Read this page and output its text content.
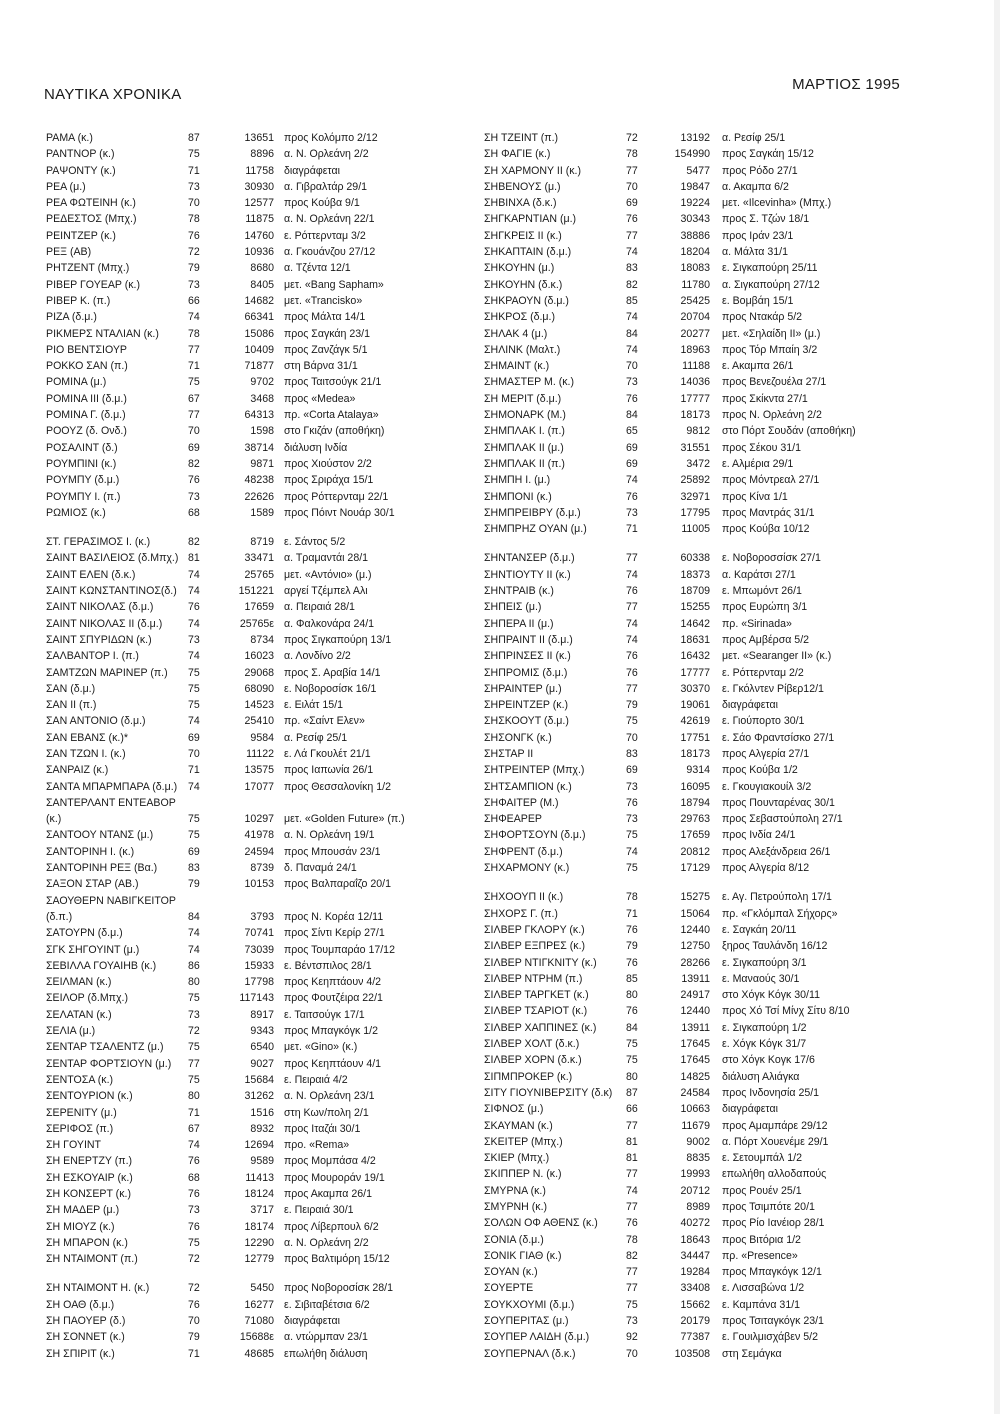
ΝΑΥΤΙΚΑ ΧΡΟΝΙΚΑ
ΜΑΡΤΙΟΣ 1995
ΡΑΜΑ (κ.)	87	13651 προς Κολόμπο 2/12
ΡΑΝΤΝΟΡ (κ.)	75	8896 α. Ν. Ορλεάνη 2/2
ΡΑΨΟΝΤΥ (κ.)	71	11758 διαγράφεται
ΡΕΑ (μ.)	73	30930 α. Γιβραλτάρ 29/1
ΡΕΑ ΦΩΤΕΙΝΗ (κ.)	70	12577 προς Κούβα 9/1
ΡΕΔΕΣΤΟΣ (Μπχ.)	78	11875 α. Ν. Ορλεάνη 22/1
ΡΕΙΝΤΖΕΡ (κ.)	76	14760 ε. Ρόττερνταμ 3/2
ΡΕΞ (ΑΒ)	72	10936 α. Γκουάνζου 27/12
ΡΗΤΖΕΝΤ (Μπχ.)	79	8680 α. Τζέντα 12/1
ΡΙΒΕΡ ΓΟΥΕΑΡ (κ.)	73	8405 μετ. «Bang Sapham»
ΡΙΒΕΡ Κ. (π.)	66	14682 μετ. «Trancisko»
ΡΙΖΑ (δ.μ.)	74	66341 προς Μάλτα 14/1
ΡΙΚΜΕΡΣ ΝΤΑΛΙΑΝ (κ.)	78	15086 προς Σαγκάη 23/1
ΡΙΟ ΒΕΝΤΣΙΟΥΡ	77	10409 προς Ζανζάγκ 5/1
ΡΟΚΚΟ ΣΑΝ (π.)	71	71877 στη Βάρνα 31/1
ΡΟΜΙΝΑ (μ.)	75	9702 προς Ταιτσούγκ 21/1
ΡΟΜΙΝΑ ΙΙΙ (δ.μ.)	67	3468 προς «Medea»
ΡΟΜΙΝΑ Γ. (δ.μ.)	77	64313 πρ. «Corta Atalaya»
ΡΟΟΥΖ (δ. Ονδ.)	70	1598 στο Γκιζάν (αποθήκη)
ΡΟΣΑΛΙΝΤ (δ.)	69	38714 διάλυση Ινδία
ΡΟΥΜΠΙΝΙ (κ.)	82	9871 προς Χιούστον 2/2
ΡΟΥΜΠΥ (δ.μ.)	76	48238 προς Σριράχα 15/1
ΡΟΥΜΠΥ Ι. (π.)	73	22626 προς Ρόττερνταμ 22/1
ΡΩΜΙΟΣ (κ.)	68	1589 προς Πόιντ Νουάρ 30/1
ΣΤ. ΓΕΡΑΣΙΜΟΣ Ι. (κ.)	82	8719 ε. Σάντος 5/2
ΣΑΙΝΤ ΒΑΣΙΛΕΙΟΣ (δ.Μπχ.) 81	33471 α. Τραμαντάι 28/1
ΣΑΙΝΤ ΕΛΕΝ (δ.κ.)	74	25765 μετ. «Αντόνιο» (μ.)
ΣΑΙΝΤ ΚΩΝΣΤΑΝΤΙΝΟΣ(δ.)	74	151221 αργεί Τζέμπελ Αλι
ΣΑΙΝΤ ΝΙΚΟΛΑΣ (δ.μ.)	76	17659 α. Πειραιά 28/1
ΣΑΙΝΤ ΝΙΚΟΛΑΣ ΙΙ (δ.μ.)	74	25765ε α. Φαλκονάρα 24/1
ΣΑΙΝΤ ΣΠΥΡΙΔΩΝ (κ.)	73	8734 προς Σιγκαπούρη 13/1
ΣΑΛΒΑΝΤΟΡ Ι. (π.)	74	16023 α. Λονδίνο 2/2
ΣΑΜΤΖΩΝ ΜΑΡΙΝΕΡ (π.)	75	29068 προς Σ. Αραβία 14/1
ΣΑΝ (δ.μ.)	75	68090 ε. Νοβοροσίσκ 16/1
ΣΑΝ ΙΙ (π.)	75	14523 ε. Ειλάτ 15/1
ΣΑΝ ΑΝΤΟΝΙΟ (δ.μ.)	74	25410 πρ. «Σαίντ Ελεν»
ΣΑΝ ΕΒΑΝΣ (κ.)*	69	9584 α. Ρεσίφ 25/1
ΣΑΝ ΤΖΩΝ Ι. (κ.)	70	11122 ε. Λά Γκουλέτ 21/1
ΣΑΝΡΑΙΖ (κ.)	71	13575 προς Ιαπωνία 26/1
ΣΑΝΤΑ ΜΠΑΡΜΠΑΡΑ (δ.μ.)	74	17077 προς Θεσσαλονίκη 1/2
ΣΑΝΤΕΡΛΑΝΤ ΕΝΤΕΑΒΟΡ
(κ.)	75	10297 μετ. «Golden Future» (π.)
ΣΑΝΤΟΟΥ ΝΤΑΝΣ (μ.)	75	41978 α. Ν. Ορλεάνη 19/1
ΣΑΝΤΟΡΙΝΗ Ι. (κ.)	69	24594 προς Μπουσάν 23/1
ΣΑΝΤΟΡΙΝΗ ΡΕΞ (Βα.)	83	8739 δ. Παναμά 24/1
ΣΑΞΟΝ ΣΤΑΡ (ΑΒ.)	79	10153 προς Βαλπαραΐζο 20/1
ΣΑΟΥΘΕΡΝ ΝΑΒΙΓΚΕΙΤΟΡ
(δ.π.)	84	3793 προς Ν. Κορέα 12/11
ΣΑΤΟΥΡΝ (δ.μ.)	74	70741 προς Σίντι Κερίρ 27/1
ΣΓΚ ΣΗΓΟΥΙΝΤ (μ.)	74	73039 προς Τουμπαράο 17/12
ΣΕΒΙΛΛΑ ΓΟΥΑΙΗΒ (κ.)	86	15933 ε. Βέντσπιλος 28/1
ΣΕΙΛΜΑΝ (κ.)	80	17798 προς Κεηπτάουν 4/2
ΣΕΙΛΟΡ (δ.Μπχ.)	75	117143 προς Φουτζέιρα 22/1
ΣΕΛΑΤΑΝ (κ.)	73	8917 ε. Ταιτσούγκ 17/1
ΣΕΛΙΑ (μ.)	72	9343 προς Μπαγκόγκ 1/2
ΣΕΝΤΑΡ ΤΣΑΛΕΝΤΖ (μ.)	75	6540 μετ. «Gino» (κ.)
ΣΕΝΤΑΡ ΦΟΡΤΣΙΟΥΝ (μ.)	77	9027 προς Κεηπτάουν 4/1
ΣΕΝΤΟΣΑ (κ.)	75	15684 ε. Πειραιά 4/2
ΣΕΝΤΟΥΡΙΟΝ (κ.)	80	31262 α. Ν. Ορλεάνη 23/1
ΣΕΡΕΝΙΤΥ (μ.)	71	1516 στη Κων/πολη 2/1
ΣΕΡΙΦΟΣ (π.)	67	8932 προς Ιταζάι 30/1
ΣΗ ΓΟΥΙΝΤ	74	12694 προ. «Rema»
ΣΗ ΕΝΕΡΤΖΥ (π.)	76	9589 προς Μομπάσα 4/2
ΣΗ ΕΣΚΟΥΑΙΡ (κ.)	68	11413 προς Μουροράν 19/1
ΣΗ ΚΟΝΣΕΡΤ (κ.)	76	18124 προς Ακαμπα 26/1
ΣΗ ΜΑΔΕΡ (μ.)	73	3717 ε. Πειραιά 30/1
ΣΗ ΜΙΟΥΖ (κ.)	76	18174 προς Λίβερπουλ 6/2
ΣΗ ΜΠΑΡΟΝ (κ.)	75	12290 α. Ν. Ορλεάνη 2/2
ΣΗ ΝΤΑΙΜΟΝΤ (π.)	72	12779 προς Βαλτιμόρη 15/12
ΣΗ ΝΤΑΙΜΟΝΤ Η. (κ.)	72	5450 προς Νοβοροσίσκ 28/1
ΣΗ ΟΑΘ (δ.μ.)	76	16277 ε. Σιβιταβέτσια 6/2
ΣΗ ΠΑΟΥΕΡ (δ.)	70	71080 διαγράφεται
ΣΗ ΣΟΝΝΕΤ (κ.)	79	15688ε α. ντώρμπαν 23/1
ΣΗ ΣΠΙΡΙΤ (κ.)	71	48685 επωλήθη διάλυση
ΣΗ ΤΖΕΙΝΤ (π.)	72	13192 α. Ρεσίφ 25/1
ΣΗ ΦΑΓΙΕ (κ.)	78	154990 προς Σαγκάη 15/12
ΣΗ ΧΑΡΜΟΝΥ ΙΙ (κ.)	77	5477 προς Ρόδο 27/1
ΣΗΒΕΝΟΥΣ (μ.)	70	19847 α. Ακαμπα 6/2
ΣΗΒΙΝΧΑ (δ.κ.)	69	19224 μετ. «Ilcevinha» (Μπχ.)
ΣΗΓΚΑΡΝΤΙΑΝ (μ.)	76	30343 προς Σ. Τζών 18/1
ΣΗΓΚΡΕΙΣ ΙΙ (κ.)	77	38886 προς Ιράν 23/1
ΣΗΚΑΠΤΑΙΝ (δ.μ.)	74	18204 α. Μάλτα 31/1
ΣΗΚΟΥΗΝ (μ.)	83	18083 ε. Σιγκαπούρη 25/11
ΣΗΚΟΥΗΝ (δ.κ.)	82	11780 α. Σιγκαπούρη 27/12
ΣΗΚΡΑΟΥΝ (δ.μ.)	85	25425 ε. Βομβάη 15/1
ΣΗΚΡΟΣ (δ.μ.)	74	20704 προς Ντακάρ 5/2
ΣΗΛΑΚ 4 (μ.)	84	20277 μετ. «Σηλαίδη ΙΙ» (μ.)
ΣΗΛΙΝΚ (Μαλτ.)	74	18963 προς Τόρ Μπαίη 3/2
ΣΗΜΑΙΝΤ (κ.)	70	11188 ε. Ακαμπα 26/1
ΣΗΜΑΣΤΕΡ Μ. (κ.)	73	14036 προς Βενεζουέλα 27/1
ΣΗ ΜΕΡΙΤ (δ.μ.)	76	17777 προς Σκίκντα 27/1
ΣΗΜΟΝΑΡΚ (Μ.)	84	18173 προς Ν. Ορλεάνη 2/2
ΣΗΜΠΛΑΚ Ι. (π.)	65	9812 στο Πόρτ Σουδάν (αποθήκη)
ΣΗΜΠΛΑΚ ΙΙ (μ.)	69	31551 προς Σέκου 31/1
ΣΗΜΠΛΑΚ ΙΙ (π.)	69	3472 ε. Αλμέρια 29/1
ΣΗΜΠΗ Ι. (μ.)	74	25892 προς Μόντρεαλ 27/1
ΣΗΜΠΟΝΙ (κ.)	76	32971 προς Κίνα 1/1
ΣΗΜΠΡΕΙΒΡΥ (δ.μ.)	73	17795 προς Μαντράς 31/1
ΣΗΜΠΡΗΖ ΟΥΑΝ (μ.)	71	11005 προς Κούβα 10/12
ΣΗΝΤΑΝΣΕΡ (δ.μ.)	77	60338 ε. Νοβοροσσίσκ 27/1
ΣΗΝΤΙΟΥΤΥ ΙΙ (κ.)	74	18373 α. Καράτσι 27/1
ΣΗΝΤΡΑΙΒ (κ.)	76	18709 ε. Μπωμόντ 26/1
ΣΗΠΕΙΣ (μ.)	77	15255 προς Ευρώπη 3/1
ΣΗΠΕΡΑ ΙΙ (μ.)	74	14642 πρ. «Sirinada»
ΣΗΠΡΑΙΝΤ ΙΙ (δ.μ.)	74	18631 προς Αμβέρσα 5/2
ΣΗΠΡΙΝΣΕΣ ΙΙ (κ.)	76	16432 μετ. «Searanger II» (κ.)
ΣΗΠΡΟΜΙΣ (δ.μ.)	76	17777 ε. Ρόττερνταμ 2/2
ΣΗΡΑΙΝΤΕΡ (μ.)	77	30370 ε. Γκόλντεν Ρίβερ12/1
ΣΗΡΕΙΝΤΖΕΡ (κ.)	79	19061 διαγράφεται
ΣΗΣΚΟΟΥΤ (δ.μ.)	75	42619 ε. Γιούπορτο 30/1
ΣΗΣΟΝΓΚ (κ.)	70	17751 ε. Σάο Φραντσίσκο 27/1
ΣΗΣΤΑΡ ΙΙ	83	18173 προς Αλγερία 27/1
ΣΗΤΡΕΙΝΤΕΡ (Μπχ.)	69	9314 προς Κούβα 1/2
ΣΗΤΣΑΜΠΙΟΝ (κ.)	73	16095 ε. Γκουγιακουίλ 3/2
ΣΗΦΑΙΤΕΡ (Μ.)	76	18794 προς Πουνταρένας 30/1
ΣΗΦΕΑΡΕΡ	73	29763 προς Σεβαστούπολη 27/1
ΣΗΦΟΡΤΣΟΥΝ (δ.μ.)	75	17659 προς Ινδία 24/1
ΣΗΦΡΕΝΤ (δ.μ.)	74	20812 προς Αλεξάνδρεια 26/1
ΣΗΧΑΡΜΟΝΥ (κ.)	75	17129 προς Αλγερία 8/12
ΣΗΧΟΟΥΠ ΙΙ (κ.)	78	15275 ε. Αγ. Πετρούπολη 17/1
ΣΗΧΟΡΣ Γ. (π.)	71	15064 πρ. «Γκλόμπαλ Σήχορς»
ΣΙΛΒΕΡ ΓΚΛΟΡΥ (κ.)	76	12440 ε. Σαγκάη 20/11
ΣΙΛΒΕΡ ΕΞΠΡΕΣ (κ.)	79	12750 ξηρος Ταυλάνδη 16/12
ΣΙΛΒΕΡ ΝΤΙΓΚΝΙΤΥ (κ.)	76	28266 ε. Σιγκαπούρη 3/1
ΣΙΛΒΕΡ ΝΤΡΗΜ (π.)	85	13911 ε. Μαναούς 30/1
ΣΙΛΒΕΡ ΤΑΡΓΚΕΤ (κ.)	80	24917 στο Χόγκ Κόγκ 30/11
ΣΙΛΒΕΡ ΤΣΑΡΙΟΤ (κ.)	76	12440 προς Χό Τσί Μίνχ Σίτυ 8/10
ΣΙΛΒΕΡ ΧΑΠΠΙΝΕΣ (κ.)	84	13911 ε. Σιγκαπούρη 1/2
ΣΙΛΒΕΡ ΧΟΛΤ (δ.κ.)	75	17645 ε. Χόγκ Κόγκ 31/7
ΣΙΛΒΕΡ ΧΟΡΝ (δ.κ.)	75	17645 στο Χόγκ Κογκ 17/6
ΣΙΠΜΠΡΟΚΕΡ (κ.)	80	14825 διάλυση Αλιάγκα
ΣΙΤΥ ΓΙΟΥΝΙΒΕΡΣΙΤΥ (δ.κ)	87	24584 προς Ινδονησία 25/1
ΣΙΦΝΟΣ (μ.)	66	10663 διαγράφεται
ΣΚΑΥΜΑΝ (κ.)	77	11679 προς Αμαμπάρε 29/12
ΣΚΕΙΤΕΡ (Μπχ.)	81	9002 α. Πόρτ Χουενέμε 29/1
ΣΚΙΕΡ (Μπχ.)	81	8835 ε. Σετουμπάλ 1/2
ΣΚΙΠΠΕΡ Ν. (κ.)	77	19993 επωλήθη αλλοδαπούς
ΣΜΥΡΝΑ (κ.)	74	20712 προς Ρουέν 25/1
ΣΜΥΡΝΗ (κ.)	77	8989 προς Τσιμπότε 20/1
ΣΟΛΩΝ ΟΦ ΑΘΕΝΣ (κ.)	76	40272 προς Ρίο Ιανέιορ 28/1
ΣΟΝΙΑ (δ.μ.)	78	18643 προς Βιτόρια 1/2
ΣΟΝΙΚ ΓΙΑΘ (κ.)	82	34447 πρ. «Presence»
ΣΟΥΑΝ (κ.)	77	19284 προς Μπαγκόγκ 12/1
ΣΟΥΕΡΤΕ	77	33408 ε. Λισσαβώνα 1/2
ΣΟΥΚΧΟΥΜΙ (δ.μ.)	75	15662 ε. Καμπάνα 31/1
ΣΟΥΠΕΡΙΤΑΣ (μ.)	73	20179 προς Τσιταγκόγκ 23/1
ΣΟΥΠΕΡ ΛΑΙΔΗ (δ.μ.)	92	77387 ε. Γουιλμισχάβεν 5/2
ΣΟΥΠΕΡΝΑΛ (δ.κ.)	70	103508 στη Σεμάγκα
